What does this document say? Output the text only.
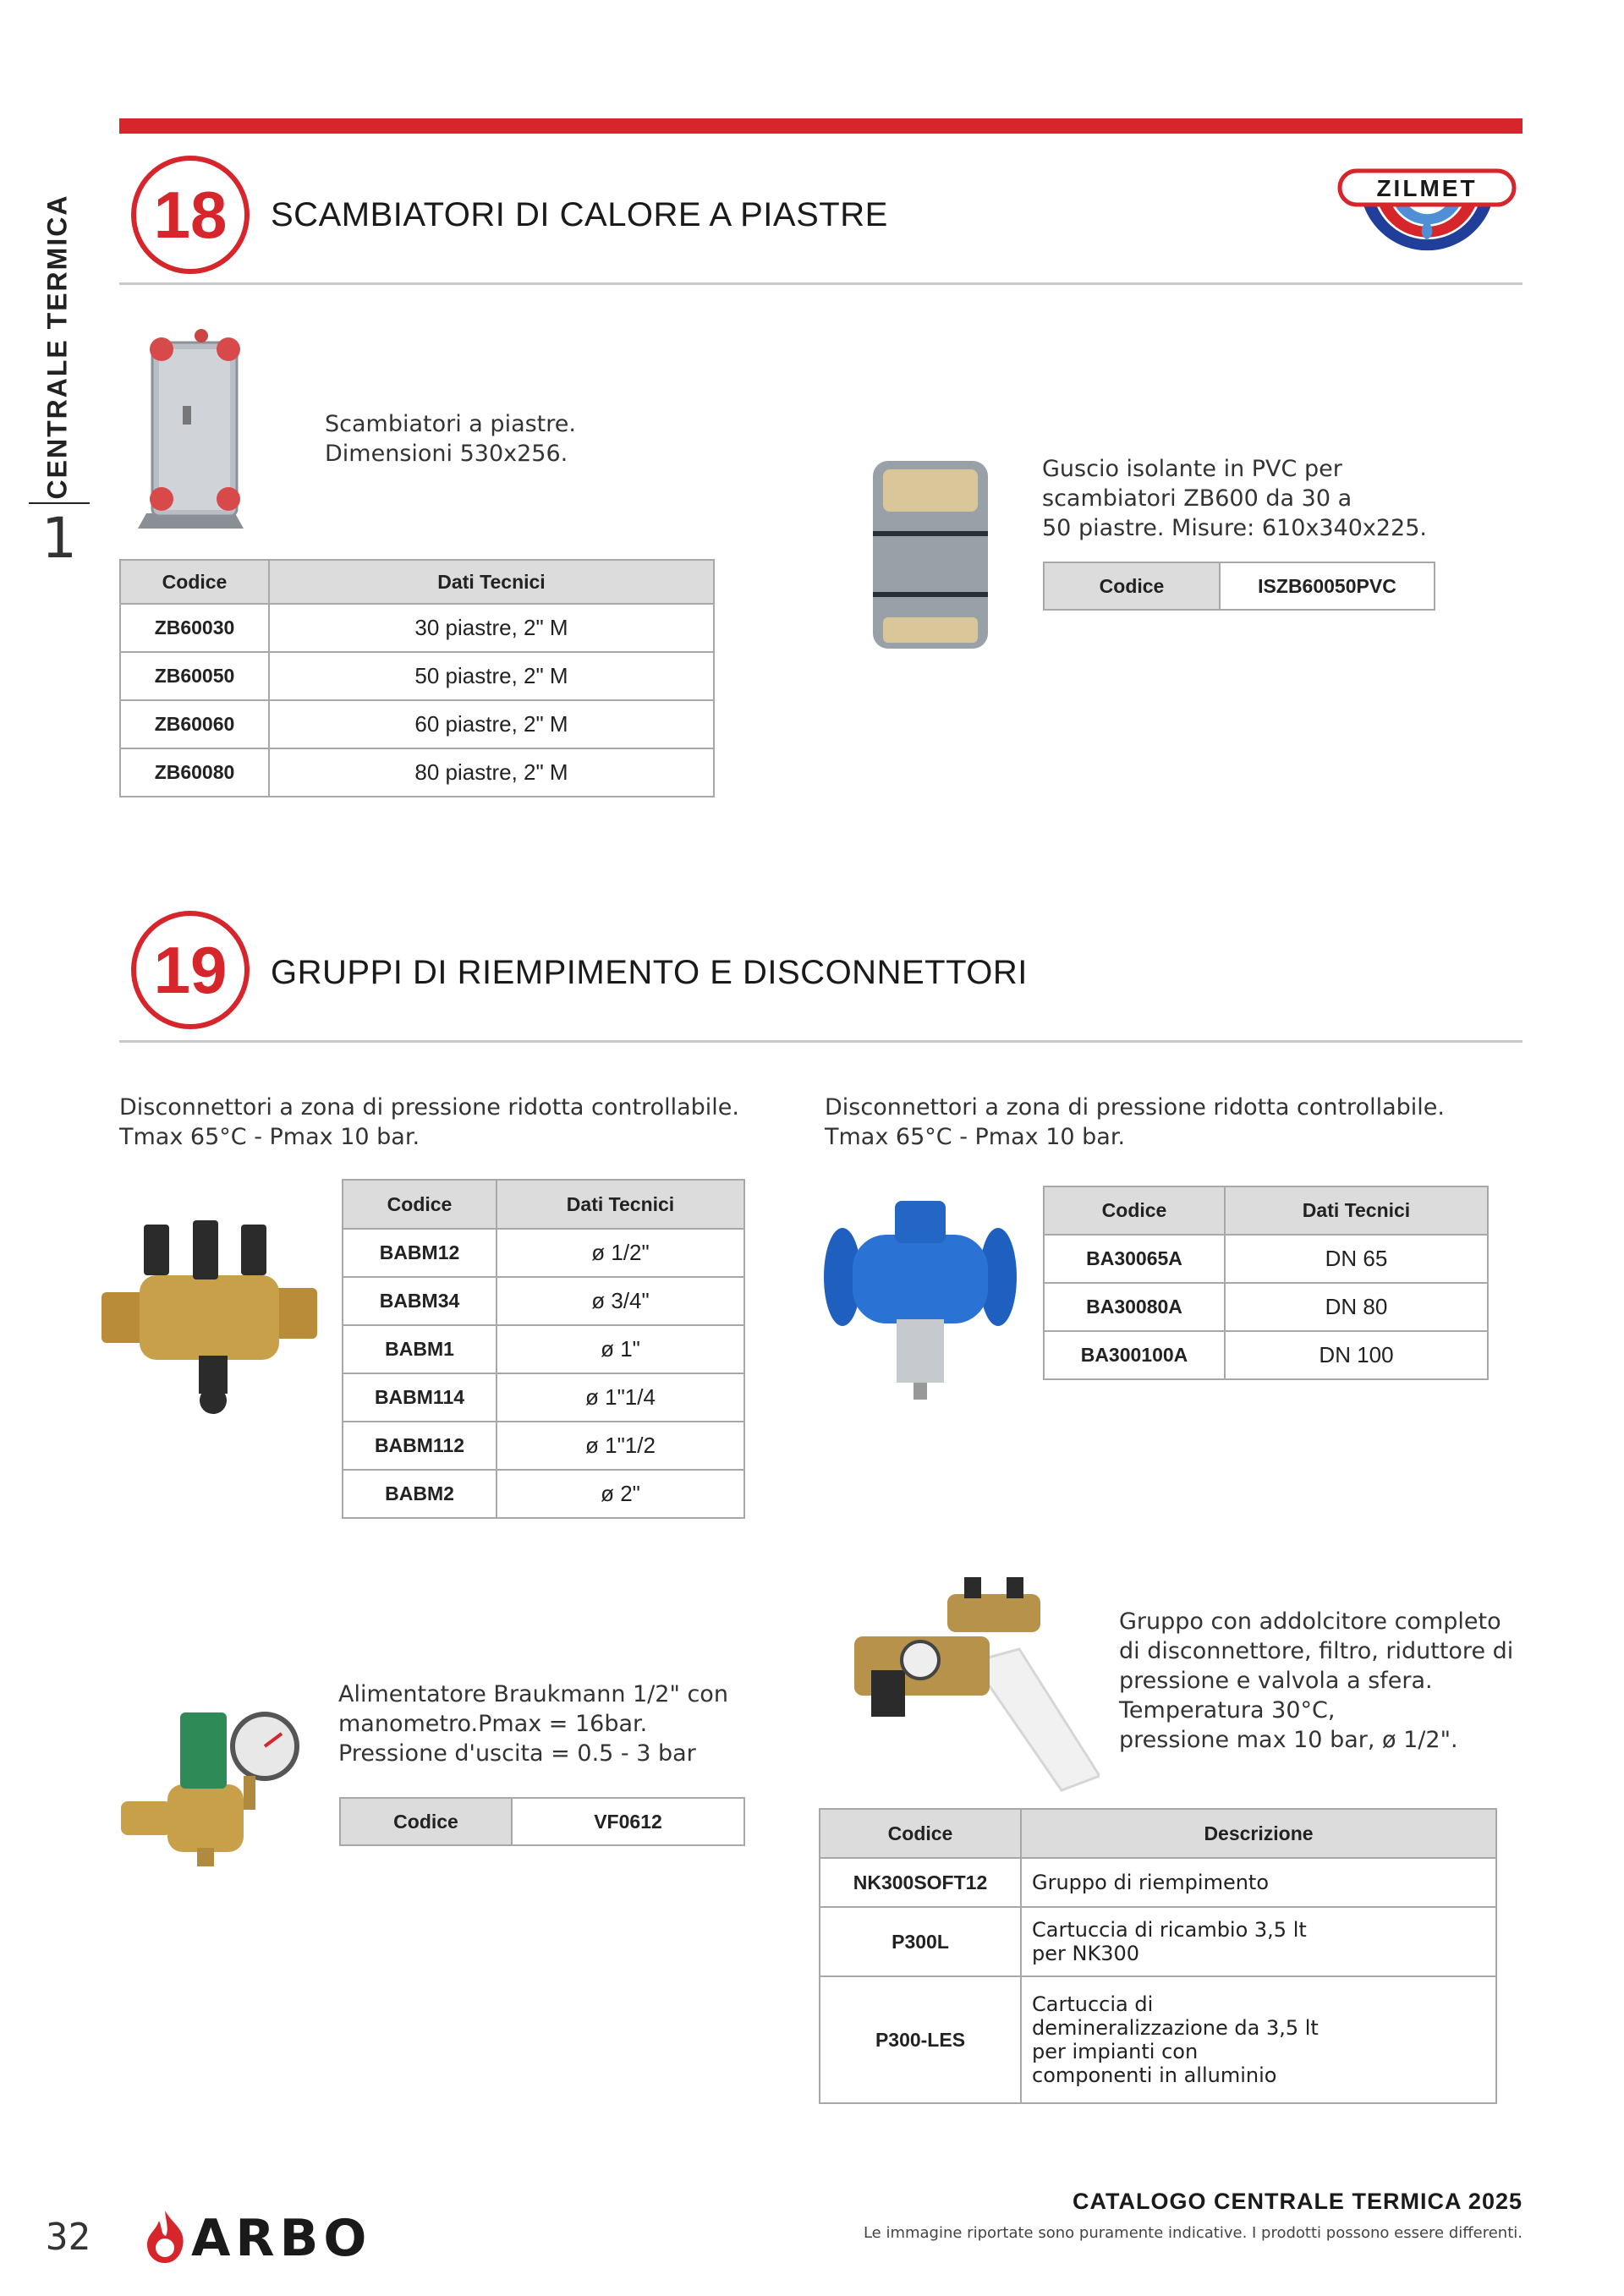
CENTRALE TERMICA
1
18	SCAMBIATORI DI CALORE A PIASTRE
ZILMET
Scambiatori a piastre.
Dimensioni 530x256.
Codice	Dati Tecnici
ZB60030	30 piastre, 2" M
ZB60050	50 piastre, 2" M
ZB60060	60 piastre, 2" M
ZB60080	80 piastre, 2" M
Guscio isolante in PVC per
scambiatori ZB600 da 30 a
50 piastre. Misure: 610x340x225.
Codice	ISZB60050PVC
19	GRUPPI DI RIEMPIMENTO E DISCONNETTORI
Disconnettori a zona di pressione ridotta controllabile.
Tmax 65°C - Pmax 10 bar.
Disconnettori a zona di pressione ridotta controllabile.
Tmax 65°C - Pmax 10 bar.
Codice	Dati Tecnici
BABM12	ø 1/2"
BABM34	ø 3/4"
BABM1	ø 1"
BABM114	ø 1"1/4
BABM112	ø 1"1/2
BABM2	ø 2"
Codice	Dati Tecnici
BA30065A	DN 65
BA30080A	DN 80
BA300100A	DN 100
Alimentatore Braukmann 1/2" con
manometro.Pmax = 16bar.
Pressione d'uscita = 0.5 - 3 bar
Codice	VF0612
Gruppo con addolcitore completo
di disconnettore, filtro, riduttore di
pressione e valvola a sfera.
Temperatura 30°C,
pressione max 10 bar, ø 1/2".
Codice	Descrizione
NK300SOFT12	Gruppo di riempimento
P300L	Cartuccia di ricambio 3,5 lt
per NK300
P300-LES	Cartuccia di
demineralizzazione da 3,5 lt
per impianti con
componenti in alluminio
32 ARBO
CATALOGO CENTRALE TERMICA 2025
Le immagine riportate sono puramente indicative. I prodotti possono essere differenti.
